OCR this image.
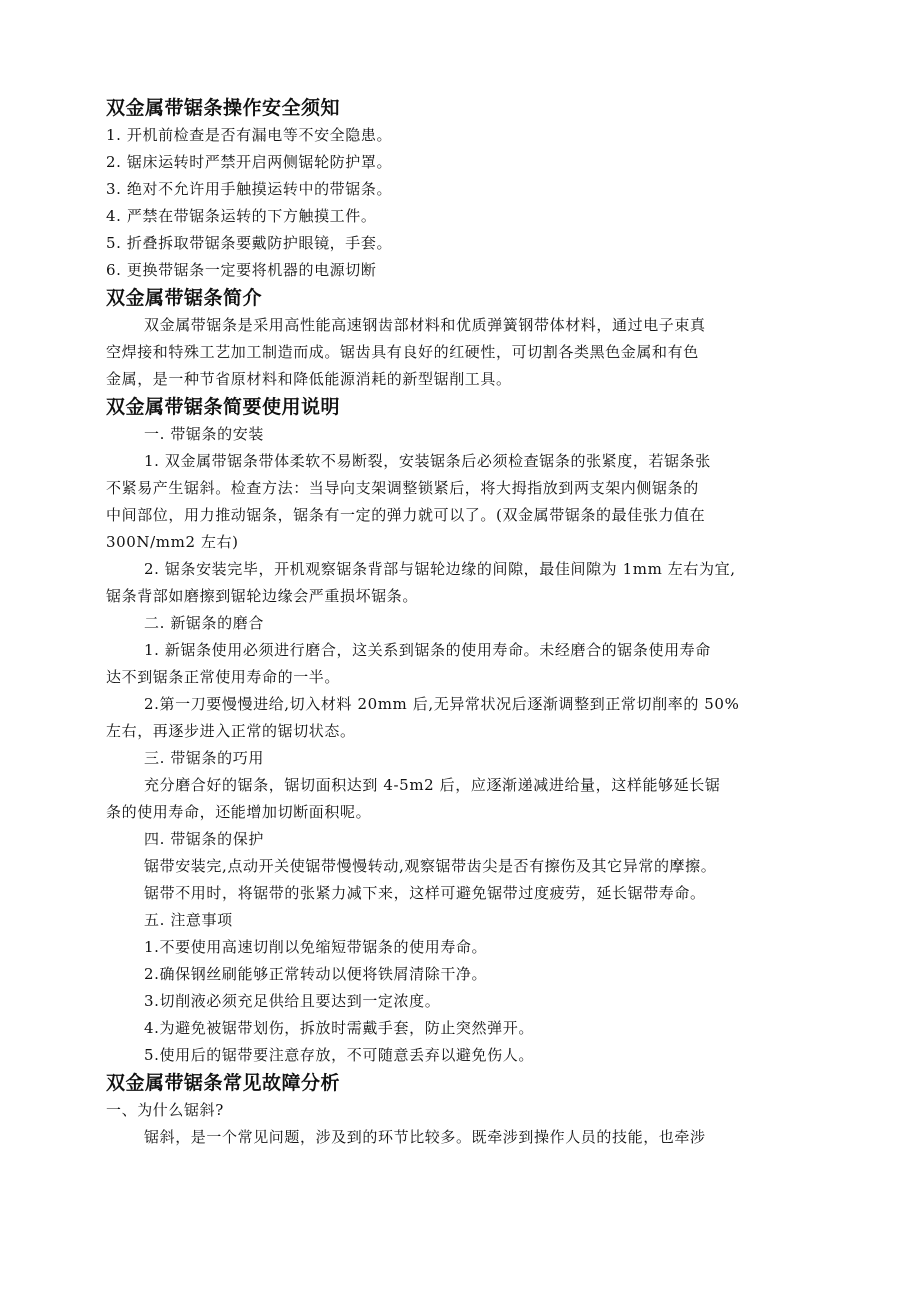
双金属带锯条操作安全须知
1. 开机前检查是否有漏电等不安全隐患。
2. 锯床运转时严禁开启两侧锯轮防护罩。
3. 绝对不允许用手触摸运转中的带锯条。
4. 严禁在带锯条运转的下方触摸工件。
5. 折叠拆取带锯条要戴防护眼镜，手套。
6. 更换带锯条一定要将机器的电源切断
双金属带锯条简介
双金属带锯条是采用高性能高速钢齿部材料和优质弹簧钢带体材料，通过电子束真
空焊接和特殊工艺加工制造而成。锯齿具有良好的红硬性，可切割各类黑色金属和有色
金属，是一种节省原材料和降低能源消耗的新型锯削工具。
双金属带锯条简要使用说明
一. 带锯条的安装
1. 双金属带锯条带体柔软不易断裂，安装锯条后必须检查锯条的张紧度，若锯条张
不紧易产生锯斜。检查方法：当导向支架调整锁紧后，将大拇指放到两支架内侧锯条的
中间部位，用力推动锯条，锯条有一定的弹力就可以了。(双金属带锯条的最佳张力值在
300N/mm2 左右)
2. 锯条安装完毕，开机观察锯条背部与锯轮边缘的间隙，最佳间隙为 1mm 左右为宜,
锯条背部如磨擦到锯轮边缘会严重损坏锯条。
二. 新锯条的磨合
1. 新锯条使用必须进行磨合，这关系到锯条的使用寿命。未经磨合的锯条使用寿命
达不到锯条正常使用寿命的一半。
2.第一刀要慢慢进给,切入材料 20mm 后,无异常状况后逐渐调整到正常切削率的 50%
左右，再逐步进入正常的锯切状态。
三. 带锯条的巧用
充分磨合好的锯条，锯切面积达到 4-5m2 后，应逐渐递减进给量，这样能够延长锯
条的使用寿命，还能增加切断面积呢。
四. 带锯条的保护
锯带安装完,点动开关使锯带慢慢转动,观察锯带齿尖是否有擦伤及其它异常的摩擦。
锯带不用时，将锯带的张紧力减下来，这样可避免锯带过度疲劳，延长锯带寿命。
五. 注意事项
1.不要使用高速切削以免缩短带锯条的使用寿命。
2.确保钢丝刷能够正常转动以便将铁屑清除干净。
3.切削液必须充足供给且要达到一定浓度。
4.为避免被锯带划伤，拆放时需戴手套，防止突然弹开。
5.使用后的锯带要注意存放，不可随意丢弃以避免伤人。
双金属带锯条常见故障分析
一、为什么锯斜?
锯斜，是一个常见问题，涉及到的环节比较多。既牵涉到操作人员的技能，也牵涉
